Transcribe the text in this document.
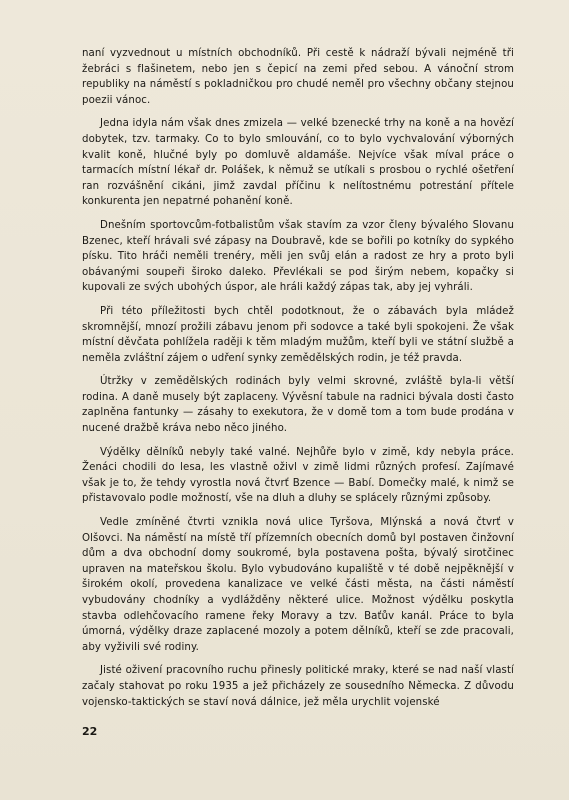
naní vyzvednout u místních obchodníků. Při cestě k nádraží bývali nejméně tři žebráci s flašinetem, nebo jen s čepicí na zemi před sebou. A vánoční strom republiky na náměstí s pokladničkou pro chudé neměl pro všechny občany stejnou poezii vánoc.

Jedna idyla nám však dnes zmizela — velké bzenecké trhy na koně a na hovězí dobytek, tzv. tarmaky. Co to bylo smlouvání, co to bylo vychvalování výborných kvalit koně, hlučné byly po domluvě aldamáše. Nejvíce však míval práce o tarmacích místní lékař dr. Polášek, k němuž se utíkali s prosbou o rychlé ošetření ran rozvášnění cikáni, jimž zavdal příčinu k nelítostnému potrestání přítele konkurenta jen nepatrné pohanění koně.

Dnešním sportovcům-fotbalistům však stavím za vzor členy bývalého Slovanu Bzenec, kteří hrávali své zápasy na Doubravě, kde se bořili po kotníky do sypkého písku. Tito hráči neměli trenéry, měli jen svůj elán a radost ze hry a proto byli obávanými soupeři široko daleko. Převlékali se pod širým nebem, kopačky si kupovali ze svých ubohých úspor, ale hráli každý zápas tak, aby jej vyhráli.

Při této příležitosti bych chtěl podotknout, že o zábavách byla mládež skromnější, mnozí prožili zábavu jenom při sodovce a také byli spokojeni. Že však místní děvčata pohlížela raději k těm mladým mužům, kteří byli ve státní službě a neměla zvláštní zájem o udření synky zemědělských rodin, je též pravda.

Útržky v zemědělských rodinách byly velmi skrovné, zvláště byla-li větší rodina. A daně musely být zaplaceny. Vývěsní tabule na radnici bývala dosti často zaplněna fantunky — zásahy to exekutora, že v domě tom a tom bude prodána v nucené dražbě kráva nebo něco jiného.

Výdělky dělníků nebyly také valné. Nejhůře bylo v zimě, kdy nebyla práce. Ženáci chodili do lesa, les vlastně oživl v zimě lidmi různých profesí. Zajímavé však je to, že tehdy vyrostla nová čtvrť Bzence — Babí. Domečky malé, k nimž se přistavovalo podle možností, vše na dluh a dluhy se splácely různými způsoby.

Vedle zmíněné čtvrti vznikla nová ulice Tyršova, Mlýnská a nová čtvrť v Olšovci. Na náměstí na místě tří přízemních obecních domů byl postaven činžovní dům a dva obchodní domy soukromé, byla postavena pošta, bývalý sirotčinec upraven na mateřskou školu. Bylo vybudováno kupaliště v té době nejpěknější v širokém okolí, provedena kanalizace ve velké části města, na části náměstí vybudovány chodníky a vydlážděny některé ulice. Možnost výdělku poskytla stavba odlehčovacího ramene řeky Moravy a tzv. Baťův kanál. Práce to byla úmorná, výdělky draze zaplacené mozoly a potem dělníků, kteří se zde pracovali, aby vyživili své rodiny.

Jisté oživení pracovního ruchu přinesly politické mraky, které se nad naší vlastí začaly stahovat po roku 1935 a jež přicházely ze sousedního Německa. Z důvodu vojensko-taktických se staví nová dálnice, jež měla urychlit vojenské

22
